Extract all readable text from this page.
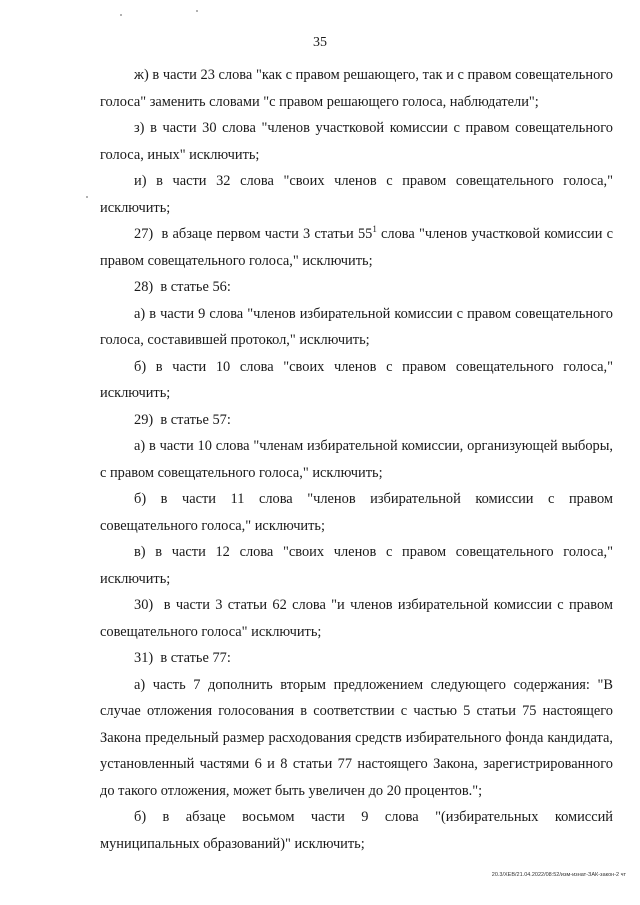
35

ж) в части 23 слова "как с правом решающего, так и с правом совещательного голоса" заменить словами "с правом решающего голоса, наблюдатели";

з) в части 30 слова "членов участковой комиссии с правом совещательного голоса, иных" исключить;

и) в части 32 слова "своих членов с правом совещательного голоса," исключить;

27)  в абзаце первом части 3 статьи $55^1$ слова "членов участковой комиссии с правом совещательного голоса," исключить;

28)  в статье 56:

а) в части 9 слова "членов избирательной комиссии с правом совещательного голоса, составившей протокол," исключить;

б) в части 10 слова "своих членов с правом совещательного голоса," исключить;

29)  в статье 57:

а) в части 10 слова "членам избирательной комиссии, организующей выборы, с правом совещательного голоса," исключить;

б) в части 11 слова "членов избирательной комиссии с правом совещательного голоса," исключить;

в) в части 12 слова "своих членов с правом совещательного голоса," исключить;

30)  в части 3 статьи 62 слова "и членов избирательной комиссии с правом совещательного голоса" исключить;

31)  в статье 77:

а) часть 7 дополнить вторым предложением следующего содержания: "В случае отложения голосования в соответствии с частью 5 статьи 75 настоящего Закона предельный размер расходования средств избирательного фонда кандидата, установленный частями 6 и 8 статьи 77 настоящего Закона, зарегистрированного до такого отложения, может быть увеличен до 20 процентов.";

б) в абзаце восьмом части 9 слова "(избирательных комиссий муниципальных образований)" исключить;

20.3/ХЕВ/21.04.2022/08:52/изм-изнат-ЗАК-закон-2 чт
